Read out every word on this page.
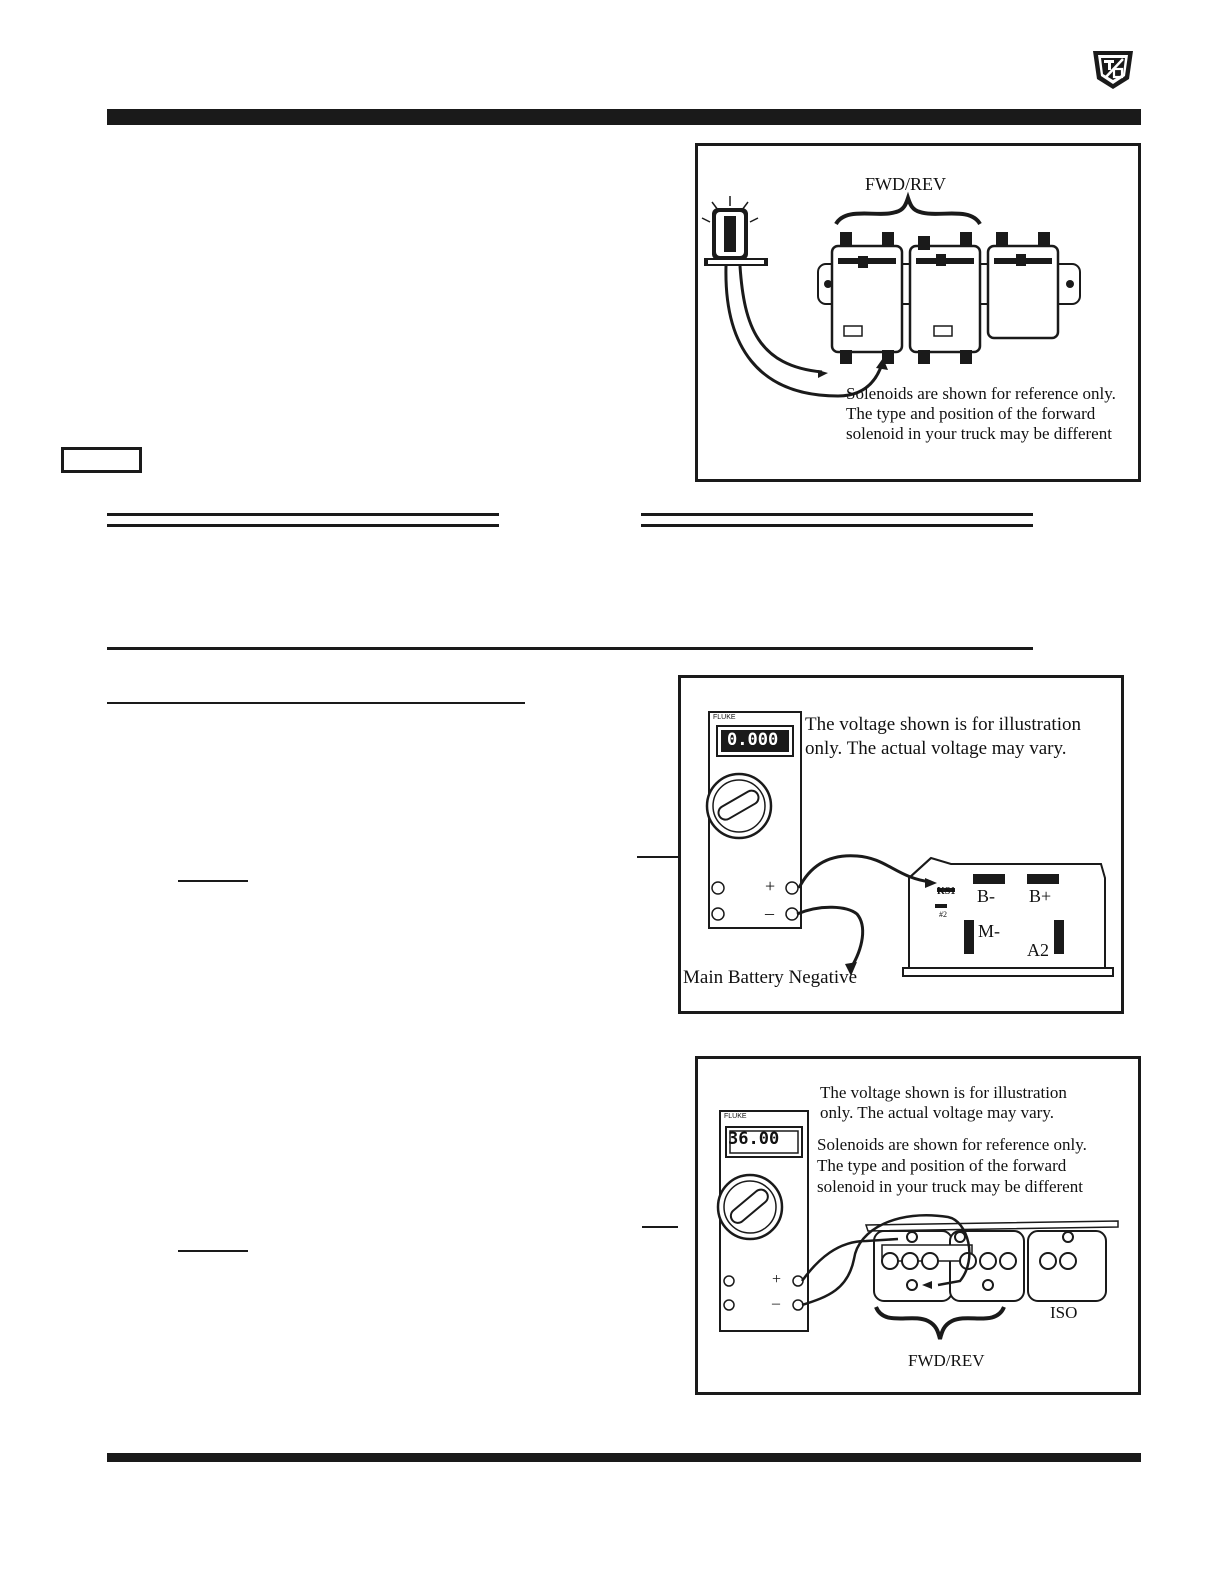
FWD/REV
Solenoids are shown for reference only.
The type and position of the forward
solenoid in your truck may be different
0.000
FLUKE
+
–
KS1
#2
B- B+
M-
A2
The voltage shown is for illustration
only. The actual voltage may vary.
Main Battery Negative
36.00
FLUKE
+
–
The voltage shown is for illustration
only. The actual voltage may vary.
Solenoids are shown for reference only.
The type and position of the forward
solenoid in your truck may be different
ISO
FWD/REV
